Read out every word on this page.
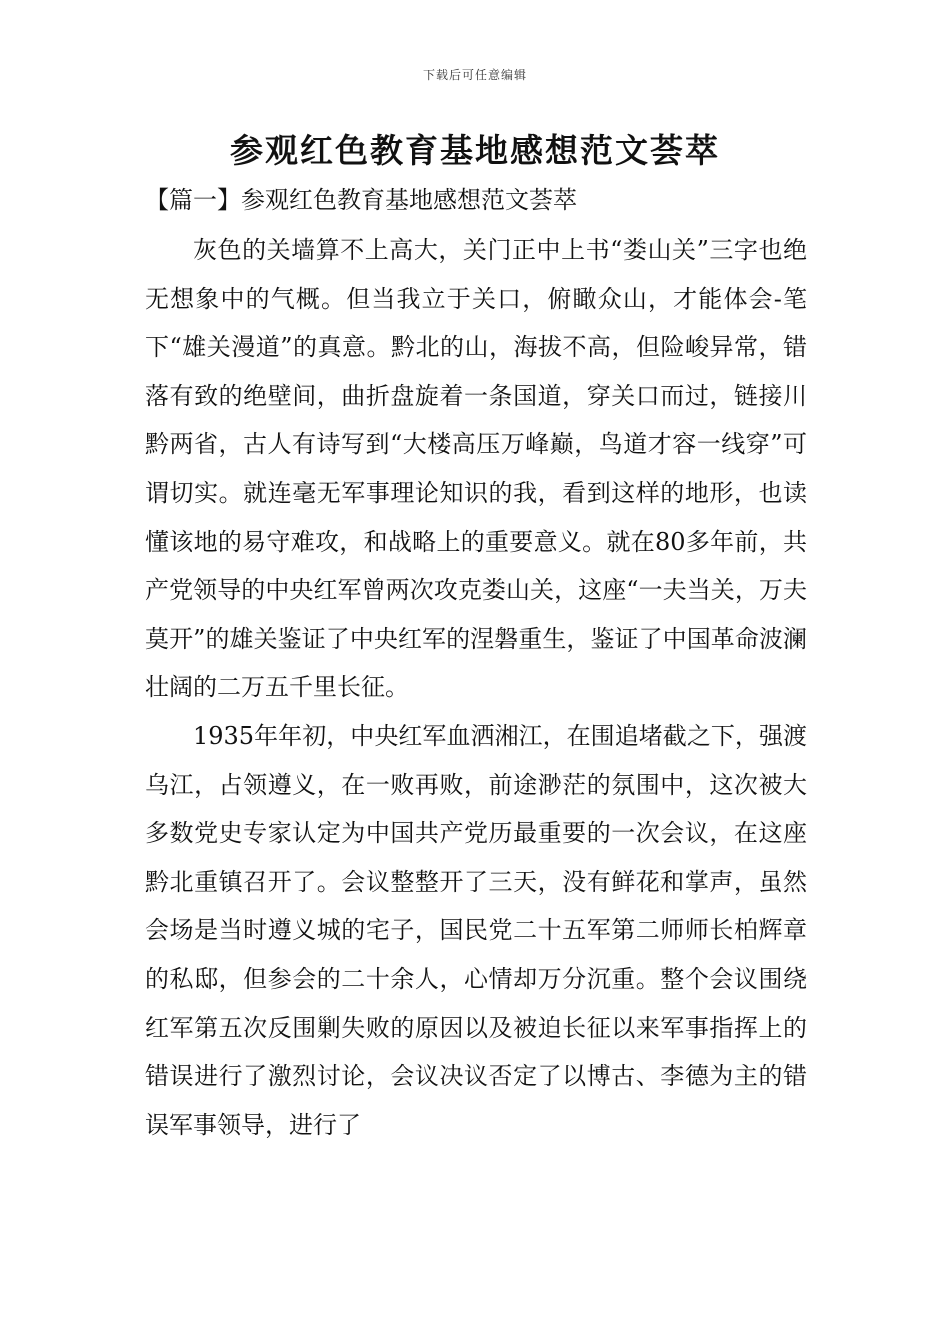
下载后可任意编辑
参观红色教育基地感想范文荟萃
【篇一】参观红色教育基地感想范文荟萃

灰色的关墙算不上高大，关门正中上书“娄山关”三字也绝无想象中的气概。但当我立于关口，俯瞰众山，才能体会-笔下“雄关漫道”的真意。黔北的山，海拔不高，但险峻异常，错落有致的绝壁间，曲折盘旋着一条国道，穿关口而过，链接川黔两省，古人有诗写到“大楼高压万峰巅，鸟道才容一线穿”可谓切实。就连毫无军事理论知识的我，看到这样的地形，也读懂该地的易守难攻，和战略上的重要意义。就在80多年前，共产党领导的中央红军曾两次攻克娄山关，这座“一夫当关，万夫莫开”的雄关鉴证了中央红军的涅磐重生，鉴证了中国革命波澜壮阔的二万五千里长征。

1935年年初，中央红军血洒湘江，在围追堵截之下，强渡乌江，占领遵义，在一败再败，前途渺茫的氛围中，这次被大多数党史专家认定为中国共产党历最重要的一次会议，在这座黔北重镇召开了。会议整整开了三天，没有鲜花和掌声，虽然会场是当时遵义城的宅子，国民党二十五军第二师师长柏辉章的私邸，但参会的二十余人，心情却万分沉重。整个会议围绕红军第五次反围剿失败的原因以及被迫长征以来军事指挥上的错误进行了激烈讨论，会议决议否定了以博古、李德为主的错误军事领导，进行了
